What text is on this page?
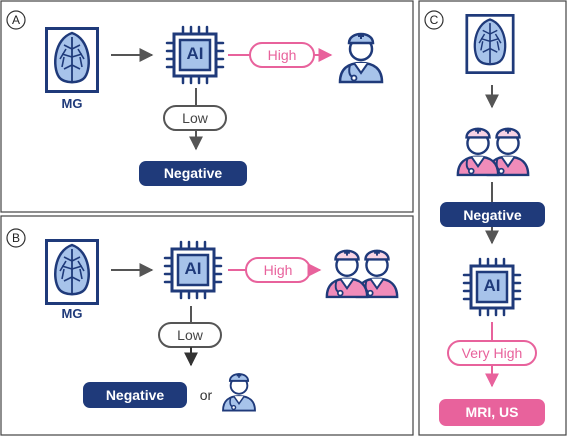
A
B
C
MG
AI	High
Low
Negative
MG
AI	High
Low
Negative	or
Negative
AI
Very High
MRI, US
